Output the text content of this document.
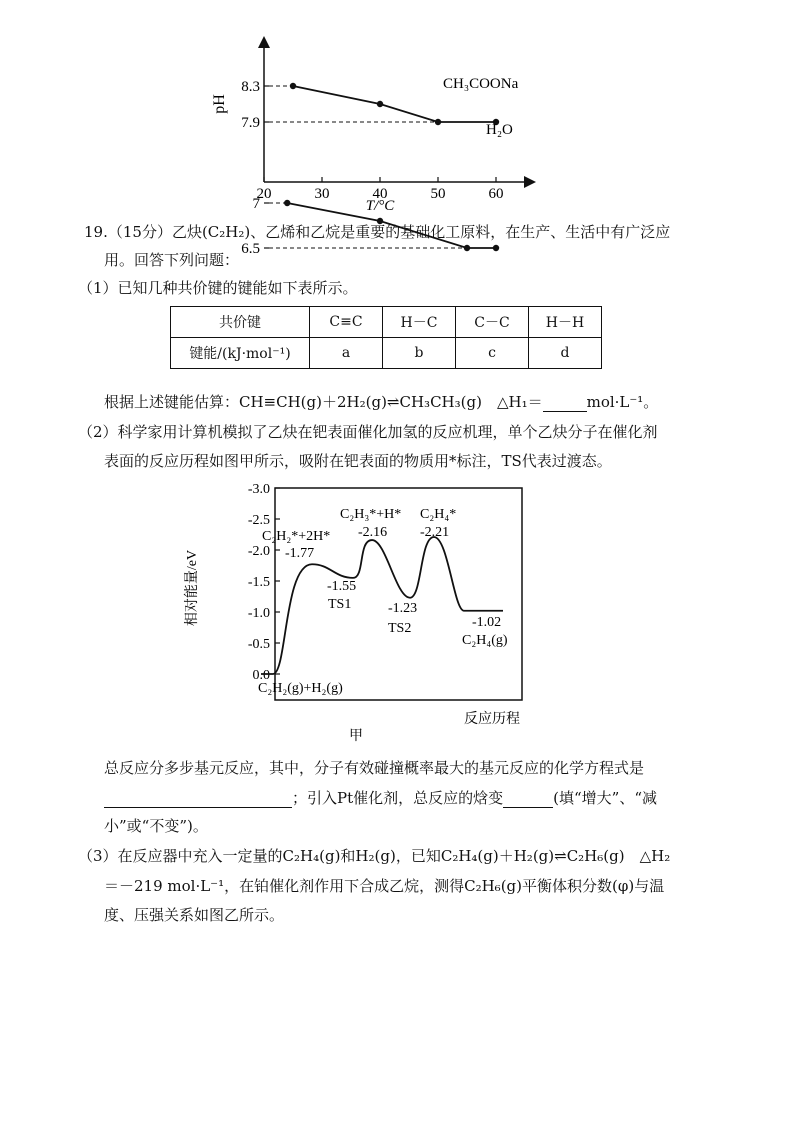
20	30	40	50	60
8.3
7.9
7
6.5
pH
T/°C
CH₃COONa
H₂O
19.（15分）乙炔(C₂H₂)、乙烯和乙烷是重要的基础化工原料，在生产、生活中有广泛应
用。回答下列问题：
（1）已知几种共价键的键能如下表所示。
共价键	C≡C	H－C	C－C	H－H
键能/(kJ·mol⁻¹)	a	b	c	d
根据上述键能估算：CH≡CH(g)＋2H₂(g)⇌CH₃CH₃(g)　△H₁＝	mol·L⁻¹。
（2）科学家用计算机模拟了乙炔在钯表面催化加氢的反应机理，单个乙炔分子在催化剂
表面的反应历程如图甲所示，吸附在钯表面的物质用*标注，TS代表过渡态。
-3.0
-2.5
-2.0
-1.5
-1.0
-0.5
0.0
C₂H₂(g)+H₂(g)
C₂H₂*+2H*
-1.77
-1.55
TS1
C₂H₃*+H*
-2.16
-1.23
TS2
C₂H₄*
-2.21
-1.02
C₂H₄(g)
相对能量/eV
反应历程
甲
总反应分多步基元反应，其中，分子有效碰撞概率最大的基元反应的化学方程式是
；引入Pt催化剂，总反应的焓变	(填“增大”、“减
小”或“不变”)。
（3）在反应器中充入一定量的C₂H₄(g)和H₂(g)，已知C₂H₄(g)＋H₂(g)⇌C₂H₆(g)　△H₂
＝－219 mol·L⁻¹，在铂催化剂作用下合成乙烷，测得C₂H₆(g)平衡体积分数(φ)与温
度、压强关系如图乙所示。
